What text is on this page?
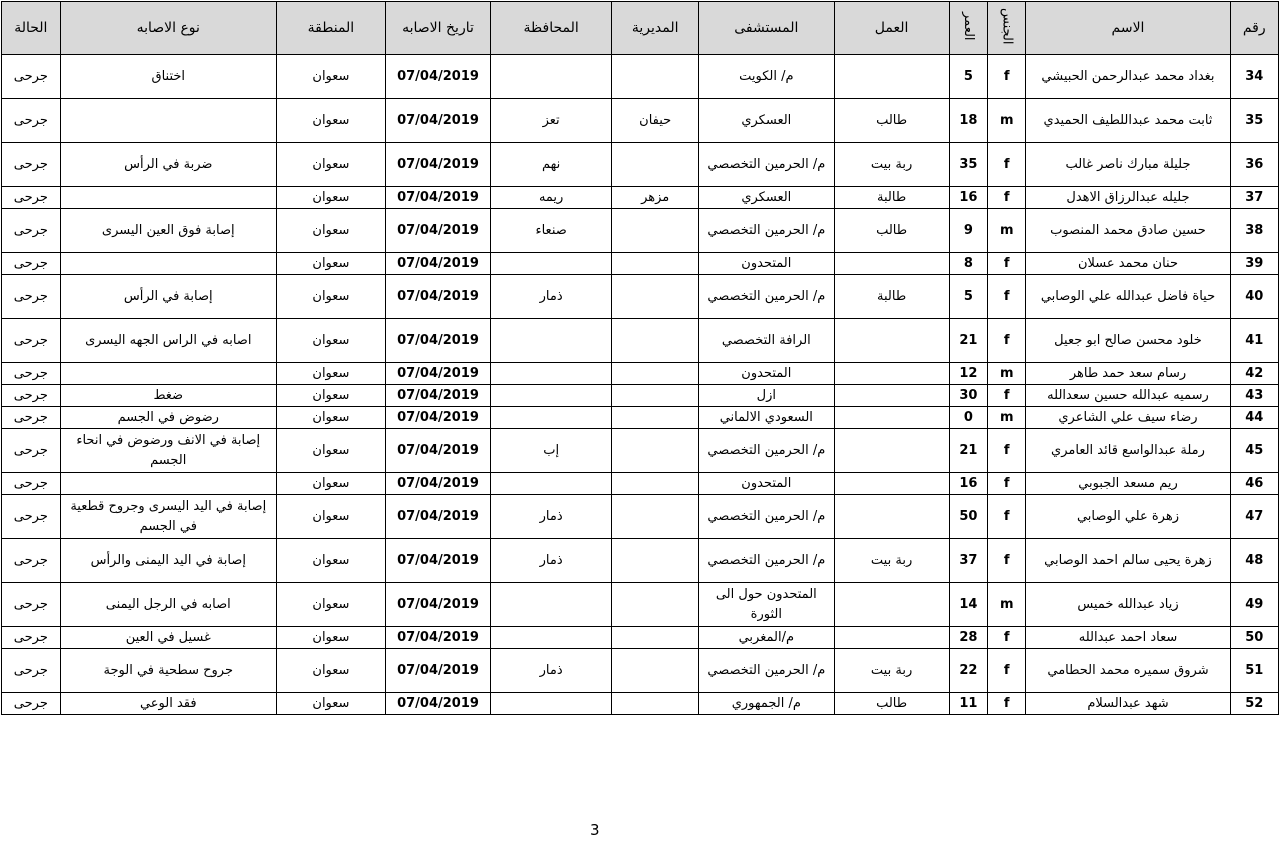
رقم	الاسم	الجنس	العمر	العمل	المستشفى	المديرية	المحافظة	تاريخ الاصابه	المنطقة	نوع الاصابه	الحالة
34	بغداد محمد عبدالرحمن الحبيشي	f	5		م/ الكويت			07/04/2019	سعوان	اختناق	جرحى
35	ثابت محمد عبداللطيف الحميدي	m	18	طالب	العسكري	حيفان	تعز	07/04/2019	سعوان		جرحى
36	جليلة مبارك ناصر غالب	f	35	ربة بيت	م/ الحرمين التخصصي		نهم	07/04/2019	سعوان	ضربة في الرأس	جرحى
37	جليله عبدالرزاق الاهدل	f	16	طالبة	العسكري	مزهر	ريمه	07/04/2019	سعوان		جرحى
38	حسين صادق محمد المنصوب	m	9	طالب	م/ الحرمين التخصصي		صنعاء	07/04/2019	سعوان	إصابة فوق العين اليسرى	جرحى
39	حنان محمد عسلان	f	8		المتحدون			07/04/2019	سعوان		جرحى
40	حياة فاضل عبدالله علي الوصابي	f	5	طالبة	م/ الحرمين التخصصي		ذمار	07/04/2019	سعوان	إصابة في الرأس	جرحى
41	خلود محسن صالح ابو جعيل	f	21		الرافة التخصصي			07/04/2019	سعوان	اصابه في الراس الجهه اليسرى	جرحى
42	رسام سعد حمد طاهر	m	12		المتحدون			07/04/2019	سعوان		جرحى
43	رسميه عبدالله حسين سعدالله	f	30		ازل			07/04/2019	سعوان	ضغط	جرحى
44	رضاء سيف علي الشاعري	m	0		السعودي الالماني			07/04/2019	سعوان	رضوض في الجسم	جرحى
45	رملة عبدالواسع قائد العامري	f	21		م/ الحرمين التخصصي		إب	07/04/2019	سعوان	إصابة في الانف ورضوض في انحاء الجسم	جرحى
46	ريم مسعد الجبوبي	f	16		المتحدون			07/04/2019	سعوان		جرحى
47	زهرة علي الوصابي	f	50		م/ الحرمين التخصصي		ذمار	07/04/2019	سعوان	إصابة في اليد اليسرى وجروح قطعية في الجسم	جرحى
48	زهرة يحيى سالم احمد الوصابي	f	37	ربة بيت	م/ الحرمين التخصصي		ذمار	07/04/2019	سعوان	إصابة في اليد اليمنى والرأس	جرحى
49	زياد عبدالله خميس	m	14		المتحدون حول الى الثورة			07/04/2019	سعوان	اصابه في الرجل اليمنى	جرحى
50	سعاد احمد عبدالله	f	28		م/المغربي			07/04/2019	سعوان	غسيل في العين	جرحى
51	شروق سميره محمد الحطامي	f	22	ربة بيت	م/ الحرمين التخصصي		ذمار	07/04/2019	سعوان	جروح سطحية في الوجة	جرحى
52	شهد عبدالسلام	f	11	طالب	م/ الجمهوري			07/04/2019	سعوان	فقد الوعي	جرحى
3
